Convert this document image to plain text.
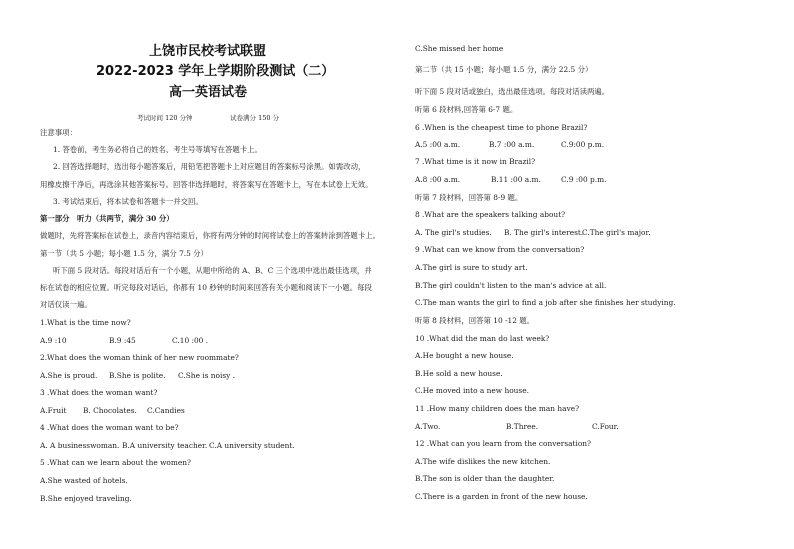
上饶市民校考试联盟
2022-2023 学年上学期阶段测试（二）
高一英语试卷
考试时间 120 分钟	试卷满分 150 分
注意事项：
1. 答卷前，考生务必将自己的姓名、考生号等填写在答题卡上。
2. 回答选择题时，选出每小题答案后，用铅笔把答题卡上对应题目的答案标号涂黑。如需改动，
用橡皮擦干净后，再选涂其他答案标号。回答非选择题时，将答案写在答题卡上，写在本试卷上无效。
3. 考试结束后，将本试卷和答题卡一并交回。
第一部分　听力（共两节，满分 30 分）
做题时，先将答案标在试卷上，录音内容结束后，你将有两分钟的时间将试卷上的答案转涂到答题卡上。
第一节（共 5 小题；每小题 1.5 分，满分 7.5 分）
听下面 5 段对话。每段对话后有一个小题，从题中所给的 A、B、C 三个选项中选出最佳选项，并
标在试卷的相应位置。听完每段对话后，你都有 10 秒钟的时间来回答有关小题和阅读下一小题。每段
对话仅读一遍。
1.What is the time now?
A.9 :10	B.9 :45	C.10 :00 .
2.What does the woman think of her new roommate?
A.She is proud. B.She is polite. C.She is noisy .
3 .What does the woman want?
A.Fruit B. Chocolates. C.Candies
4 .What does the woman want to be?
A. A businesswoman. B.A university teacher. C.A university student.
5 .What can we learn about the women?
A.She wasted of hotels.
B.She enjoyed traveling.
C.She missed her home
第二节（共 15 小题；每小题 1.5 分，满分 22.5 分）
听下面 5 段对话或独白，选出最佳选项。每段对话读两遍。
听第 6 段材料,回答第 6-7 题。
6 .When is the cheapest time to phone Brazil?
A.5 :00 a.m.	B.7 :00 a.m.	C.9:00 p.m.
7 .What time is it now in Brazil?
A.8 :00 a.m.	B.11 :00 a.m.	C.9 :00 p.m.
听第 7 段材料，回答第 8-9 题。
8 .What are the speakers talking about?
A. The girl's studies. B. The girl's interest.
C.The girl's major.
9 .What can we know from the conversation?
A.The girl is sure to study art.
B.The girl couldn't listen to the man's advice at all.
C.The man wants the girl to find a job after she finishes her studying.
听第 8 段材料，回答第 10 -12 题。
10 .What did the man do last week?
A.He bought a new house.
B.He sold a new house.
C.He moved into a new house.
11 .How many children does the man have?
A.Two.	B.Three.	C.Four.
12 .What can you learn from the conversation?
A.The wife dislikes the new kitchen.
B.The son is older than the daughter.
C.There is a garden in front of the new house.
